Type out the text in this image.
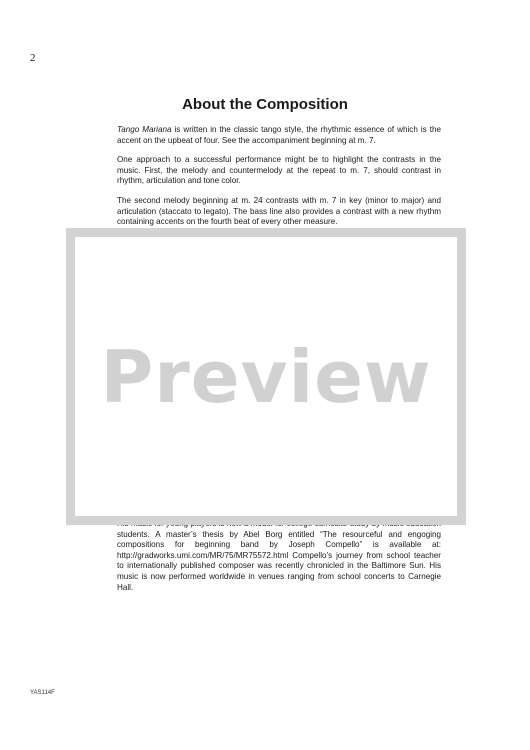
2
About the Composition

Tango Mariana is written in the classic tango style, the rhythmic essence of which is the accent on the upbeat of four. See the accompaniment beginning at m. 7.

One approach to a successful performance might be to highlight the contrasts in the music. First, the melody and countermelody at the repeat to m. 7, should contrast in rhythm, articulation and tone color.

The second melody beginning at m. 24 contrasts with m. 7 in key (minor to major) and articulation (staccato to legato). The bass line also provides a contrast with a new rhythm containing accents on the fourth beat of every other measure.

students. A master’s thesis by Abel Borg entitled “The resourceful and engoging compositions for beginning band by Joseph Compello” is available at: http://gradworks.umi.com/MR/75/MR75572.html Compello’s journey from school teacher to internationally published composer was recently chronicled in the Baltimore Sun. His music is now performed worldwide in venues ranging from school concerts to Carnegie Hall.

Preview
YAS114F
